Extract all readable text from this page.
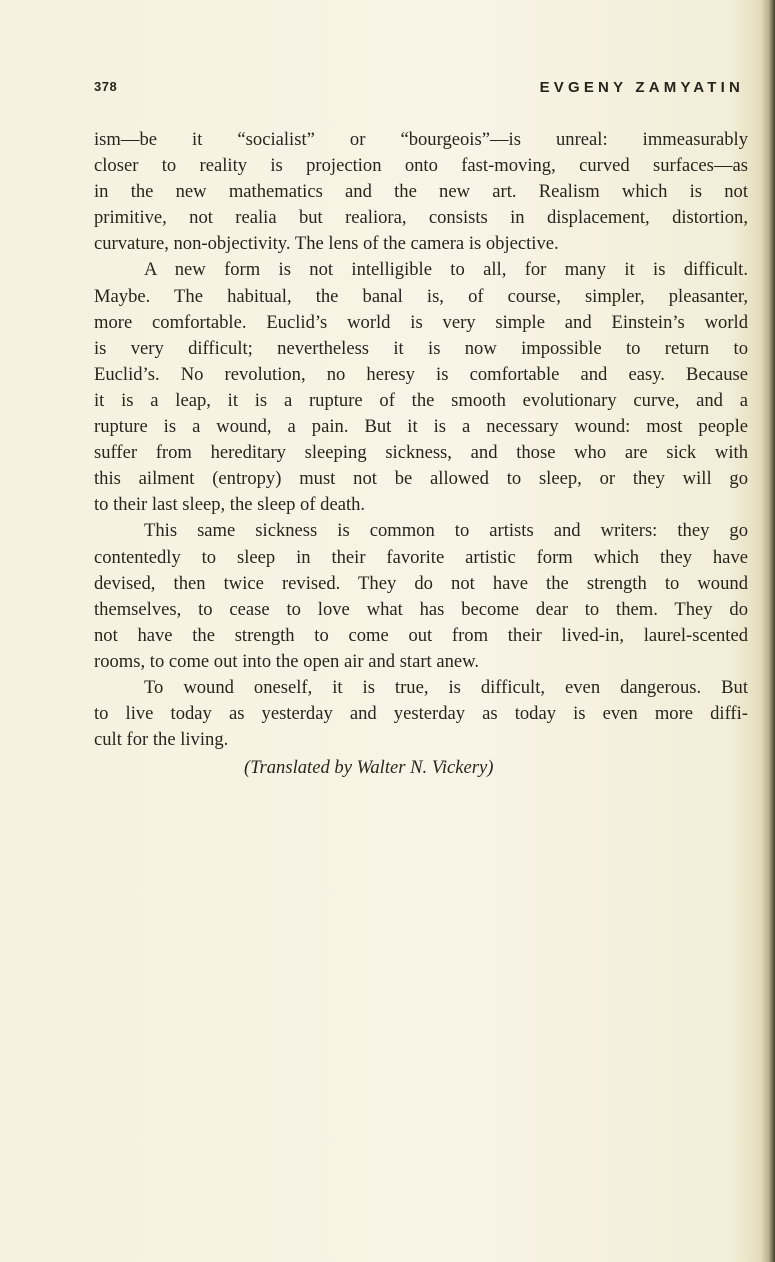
378	EVGENY ZAMYATIN
ism—be it “socialist” or “bourgeois”—is unreal: immeasurably
closer to reality is projection onto fast-moving, curved surfaces—as
in the new mathematics and the new art. Realism which is not
primitive, not realia but realiora, consists in displacement, distortion,
curvature, non-objectivity. The lens of the camera is objective.
A new form is not intelligible to all, for many it is difficult.
Maybe. The habitual, the banal is, of course, simpler, pleasanter,
more comfortable. Euclid’s world is very simple and Einstein’s world
is very difficult; nevertheless it is now impossible to return to
Euclid’s. No revolution, no heresy is comfortable and easy. Because
it is a leap, it is a rupture of the smooth evolutionary curve, and a
rupture is a wound, a pain. But it is a necessary wound: most people
suffer from hereditary sleeping sickness, and those who are sick with
this ailment (entropy) must not be allowed to sleep, or they will go
to their last sleep, the sleep of death.
This same sickness is common to artists and writers: they go
contentedly to sleep in their favorite artistic form which they have
devised, then twice revised. They do not have the strength to wound
themselves, to cease to love what has become dear to them. They do
not have the strength to come out from their lived-in, laurel-scented
rooms, to come out into the open air and start anew.
To wound oneself, it is true, is difficult, even dangerous. But
to live today as yesterday and yesterday as today is even more diffi-
cult for the living.
(Translated by Walter N. Vickery)
